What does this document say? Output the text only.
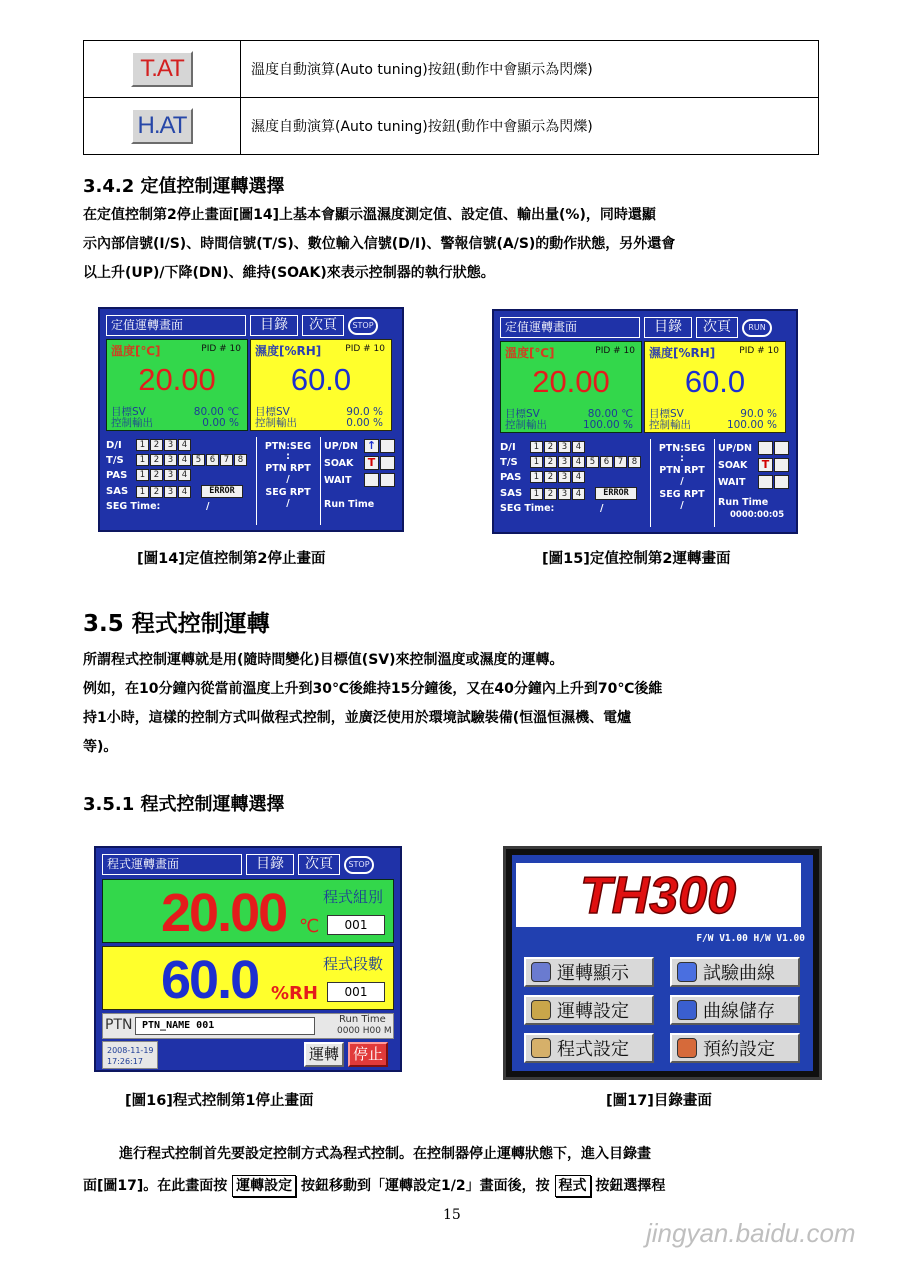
T.AT	溫度自動演算(Auto tuning)按鈕(動作中會顯示為閃爍)
H.AT	濕度自動演算(Auto tuning)按鈕(動作中會顯示為閃爍)
3.4.2 定值控制運轉選擇
在定值控制第2停止畫面[圖14]上基本會顯示溫濕度測定值、設定值、輸出量(%)，同時還顯
示內部信號(I/S)、時間信號(T/S)、數位輸入信號(D/I)、警報信號(A/S)的動作狀態，另外還會
以上升(UP)/下降(DN)、維持(SOAK)來表示控制器的執行狀態。
定值運轉畫面	目錄	次頁	STOP
溫度[℃]	PID # 10
20.00
目標SV	80.00 ℃
控制輸出	0.00 %
濕度[%RH]	PID # 10
60.0
目標SV	90.0 %
控制輸出	0.00 %
D/I	1	2	3	4
T/S	1	2	3	4	5	6	7	8
PAS	1	2	3	4
SAS	1	2	3	4	ERROR
SEG Time:	/
PTN:SEG
:
PTN RPT
/
SEG RPT
/
UP/DN ↑
SOAK	T
WAIT
Run Time
[圖14]定值控制第2停止畫面
定值運轉畫面	目錄	次頁	RUN
溫度[℃]	PID # 10
20.00
目標SV	80.00 ℃
控制輸出	100.00 %
濕度[%RH]	PID # 10
60.0
目標SV	90.0 %
控制輸出	100.00 %
D/I	1	2	3	4
T/S	1	2	3	4	5	6	7	8
PAS	1	2	3	4
SAS	1	2	3	4	ERROR
SEG Time:	/
PTN:SEG
:
PTN RPT
/
SEG RPT
/
UP/DN
SOAK	T
WAIT
Run Time
0000:00:05
[圖15]定值控制第2運轉畫面
3.5 程式控制運轉
所謂程式控制運轉就是用(隨時間變化)目標值(SV)來控制溫度或濕度的運轉。
例如，在10分鐘內從當前溫度上升到30℃後維持15分鐘後，又在40分鐘內上升到70℃後維
持1小時，這樣的控制方式叫做程式控制，並廣泛使用於環境試驗裝備(恒溫恒濕機、電爐
等)。
3.5.1 程式控制運轉選擇
程式運轉畫面	目錄	次頁	STOP
20.00 ℃
程式組別
001
60.0 %RH
程式段數
001
PTN PTN_NAME 001
Run Time
0000 H00 M
2008-11-19
17:26:17	運轉 停止
[圖16]程式控制第1停止畫面
TH300
F/W V1.00 H/W V1.00
運轉顯示	試驗曲線
運轉設定	曲線儲存
程式設定	預約設定
[圖17]目錄畫面
進行程式控制首先要設定控制方式為程式控制。在控制器停止運轉狀態下，進入目錄畫
面[圖17]。在此畫面按 運轉設定 按鈕移動到「運轉設定1/2」畫面後，按 程式 按鈕選擇程
15
jingyan.baidu.com
